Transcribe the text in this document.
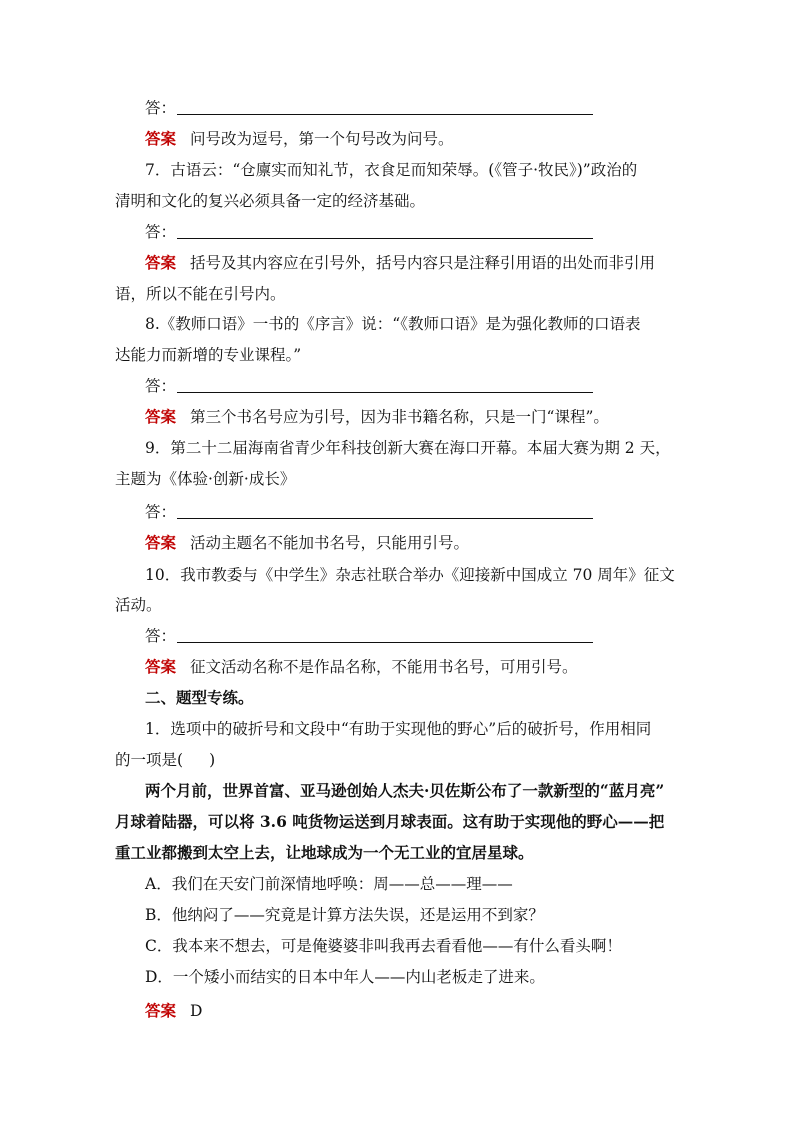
答：
答案 问号改为逗号，第一个句号改为问号。
7．古语云：“仓廪实而知礼节，衣食足而知荣辱。(《管子·牧民》)”政治的
清明和文化的复兴必须具备一定的经济基础。
答：
答案 括号及其内容应在引号外，括号内容只是注释引用语的出处而非引用
语，所以不能在引号内。
8.《教师口语》一书的《序言》说：“《教师口语》是为强化教师的口语表
达能力而新增的专业课程。”
答：
答案 第三个书名号应为引号，因为非书籍名称，只是一门“课程”。
9．第二十二届海南省青少年科技创新大赛在海口开幕。本届大赛为期 2 天，
主题为《体验·创新·成长》
答：
答案 活动主题名不能加书名号，只能用引号。
10．我市教委与《中学生》杂志社联合举办《迎接新中国成立 70 周年》征文
活动。
答：
答案 征文活动名称不是作品名称，不能用书名号，可用引号。
二、题型专练。
1．选项中的破折号和文段中“有助于实现他的野心”后的破折号，作用相同
的一项是( )
两个月前，世界首富、亚马逊创始人杰夫·贝佐斯公布了一款新型的“蓝月亮”
月球着陆器，可以将 3.6 吨货物运送到月球表面。这有助于实现他的野心——把
重工业都搬到太空上去，让地球成为一个无工业的宜居星球。
A．我们在天安门前深情地呼唤：周——总——理——
B．他纳闷了——究竟是计算方法失误，还是运用不到家？
C．我本来不想去，可是俺婆婆非叫我再去看看他——有什么看头啊！
D．一个矮小而结实的日本中年人——内山老板走了进来。
答案 D
